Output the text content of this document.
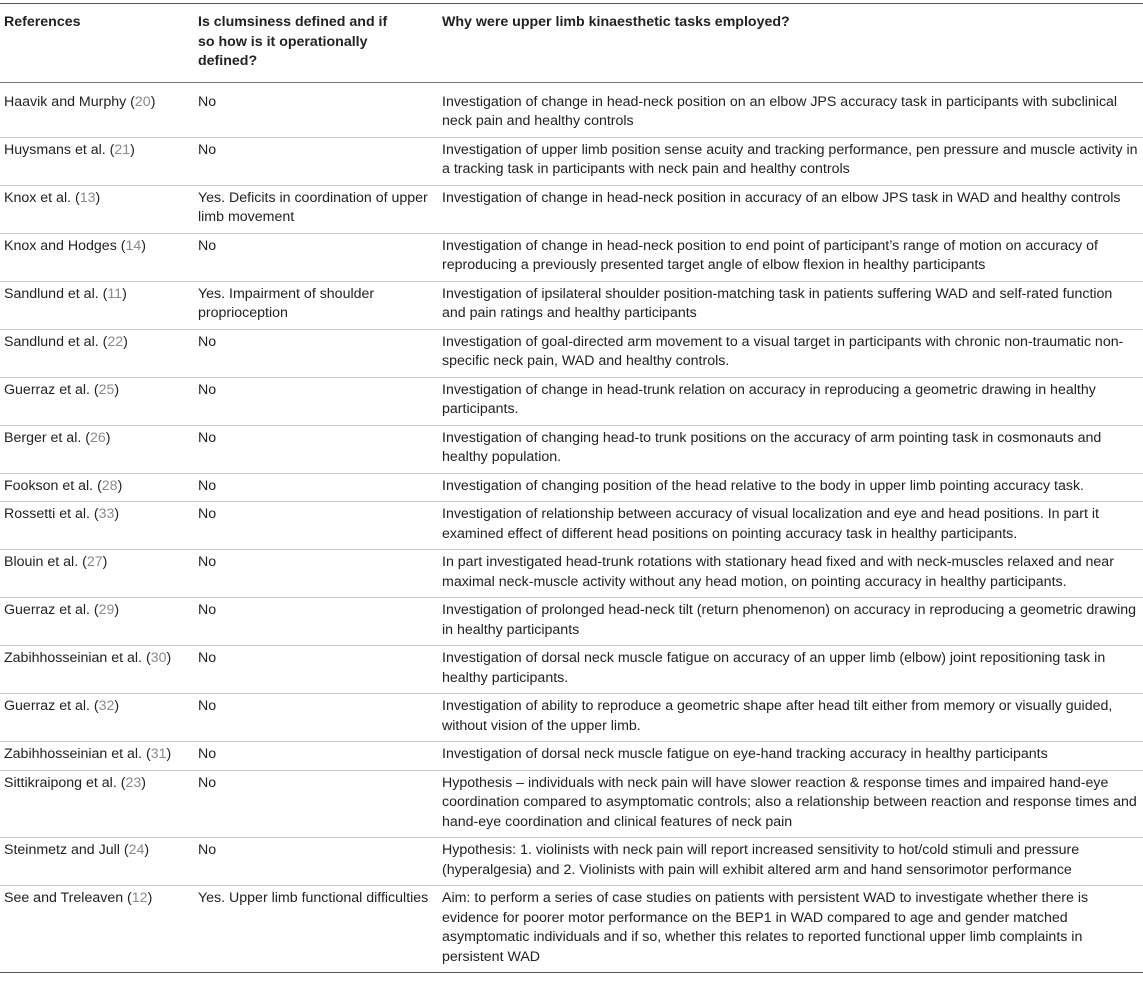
References	Is clumsiness defined and if so how is it operationally defined?	Why were upper limb kinaesthetic tasks employed?
Haavik and Murphy (20)	No	Investigation of change in head-neck position on an elbow JPS accuracy task in participants with subclinical neck pain and healthy controls
Huysmans et al. (21)	No	Investigation of upper limb position sense acuity and tracking performance, pen pressure and muscle activity in a tracking task in participants with neck pain and healthy controls
Knox et al. (13)	Yes. Deficits in coordination of upper limb movement	Investigation of change in head-neck position in accuracy of an elbow JPS task in WAD and healthy controls
Knox and Hodges (14)	No	Investigation of change in head-neck position to end point of participant’s range of motion on accuracy of reproducing a previously presented target angle of elbow flexion in healthy participants
Sandlund et al. (11)	Yes. Impairment of shoulder proprioception	Investigation of ipsilateral shoulder position-matching task in patients suffering WAD and self-rated function and pain ratings and healthy participants
Sandlund et al. (22)	No	Investigation of goal-directed arm movement to a visual target in participants with chronic non-traumatic non-specific neck pain, WAD and healthy controls.
Guerraz et al. (25)	No	Investigation of change in head-trunk relation on accuracy in reproducing a geometric drawing in healthy participants.
Berger et al. (26)	No	Investigation of changing head-to trunk positions on the accuracy of arm pointing task in cosmonauts and healthy population.
Fookson et al. (28)	No	Investigation of changing position of the head relative to the body in upper limb pointing accuracy task.
Rossetti et al. (33)	No	Investigation of relationship between accuracy of visual localization and eye and head positions. In part it examined effect of different head positions on pointing accuracy task in healthy participants.
Blouin et al. (27)	No	In part investigated head-trunk rotations with stationary head fixed and with neck-muscles relaxed and near maximal neck-muscle activity without any head motion, on pointing accuracy in healthy participants.
Guerraz et al. (29)	No	Investigation of prolonged head-neck tilt (return phenomenon) on accuracy in reproducing a geometric drawing in healthy participants
Zabihhosseinian et al. (30)	No	Investigation of dorsal neck muscle fatigue on accuracy of an upper limb (elbow) joint repositioning task in healthy participants.
Guerraz et al. (32)	No	Investigation of ability to reproduce a geometric shape after head tilt either from memory or visually guided, without vision of the upper limb.
Zabihhosseinian et al. (31)	No	Investigation of dorsal neck muscle fatigue on eye-hand tracking accuracy in healthy participants
Sittikraipong et al. (23)	No	Hypothesis – individuals with neck pain will have slower reaction & response times and impaired hand-eye coordination compared to asymptomatic controls; also a relationship between reaction and response times and hand-eye coordination and clinical features of neck pain
Steinmetz and Jull (24)	No	Hypothesis: 1. violinists with neck pain will report increased sensitivity to hot/cold stimuli and pressure (hyperalgesia) and 2. Violinists with pain will exhibit altered arm and hand sensorimotor performance
See and Treleaven (12)	Yes. Upper limb functional difficulties	Aim: to perform a series of case studies on patients with persistent WAD to investigate whether there is evidence for poorer motor performance on the BEP1 in WAD compared to age and gender matched asymptomatic individuals and if so, whether this relates to reported functional upper limb complaints in persistent WAD
